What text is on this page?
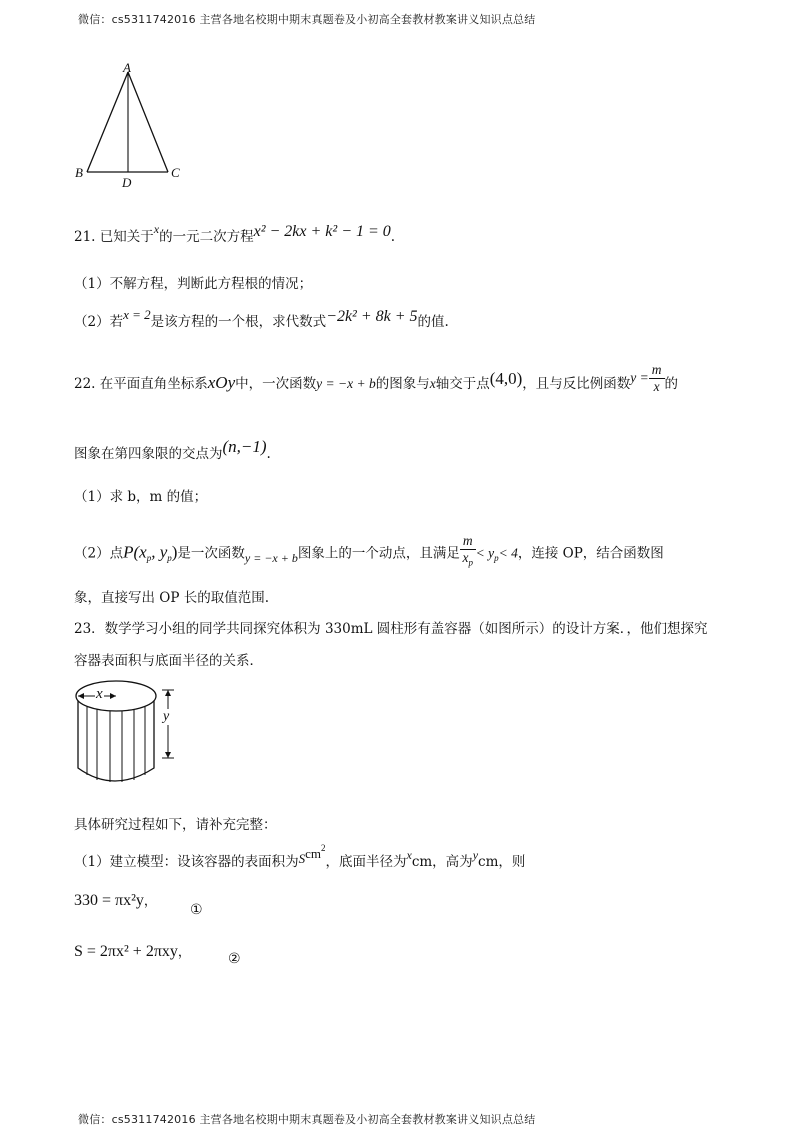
微信：cs5311742016 主营各地名校期中期末真题卷及小初高全套教材教案讲义知识点总结
A
B
D
C
21. 已知关于x的一元二次方程x² − 2kx + k² − 1 = 0.
（1）不解方程，判断此方程根的情况；
（2）若x = 2是该方程的一个根，求代数式−2k² + 8k + 5的值.
22. 在平面直角坐标系xOy中，一次函数y = −x + b的图象与x轴交于点(4,0)，且与反比例函数$y = \frac{m}{x}$ 的
图象在第四象限的交点为(n,−1).
（1）求 b，m 的值；
（2）点$P(x_p$, $y_p$)是一次函数y = −x + b图象上的一个动点，且满足 $\frac{m}{x_p} < y_p< 4$，连接 OP，结合函数图
象，直接写出 OP 长的取值范围.
23．数学学习小组的同学共同探究体积为 330mL 圆柱形有盖容器（如图所示）的设计方案．，他们想探究
容器表面积与底面半径的关系．
x
y
具体研究过程如下，请补充完整：
（1）建立模型：设该容器的表面积为Scm$^2$，底面半径为xcm，高为ycm，则
330 = πx²y，
①
S = 2πx² + 2πxy，	②
微信：cs5311742016 主营各地名校期中期末真题卷及小初高全套教材教案讲义知识点总结
